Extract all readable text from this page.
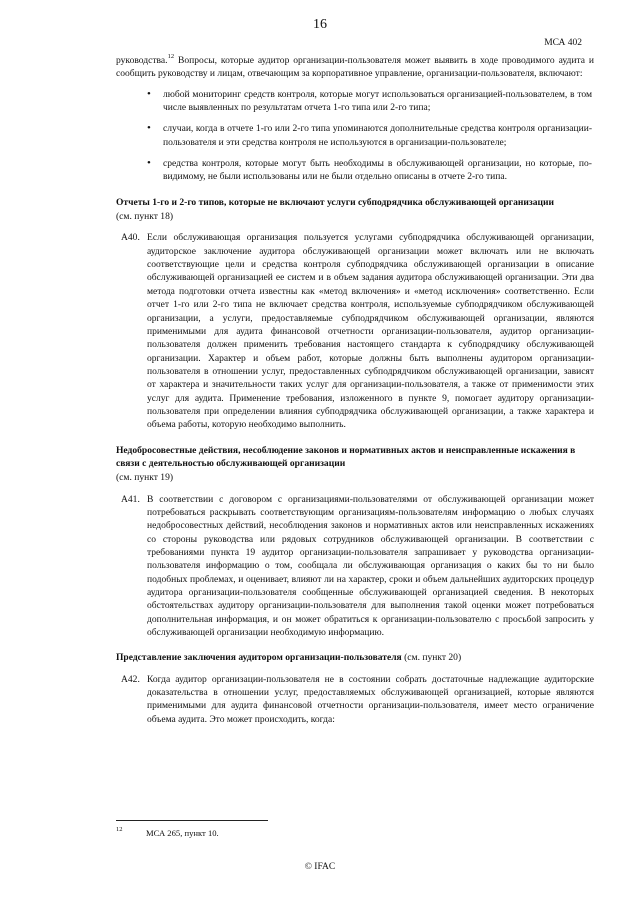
16
МСА 402

руководства.$^{12}$ Вопросы, которые аудитор организации-пользователя может выявить в ходе проводимого аудита и сообщить руководству и лицам, отвечающим за корпоративное управление, организации-пользователя, включают:

• любой мониторинг средств контроля, которые могут использоваться организацией-пользователем, в том числе выявленных по результатам отчета 1-го типа или 2-го типа;
• случаи, когда в отчете 1-го или 2-го типа упоминаются дополнительные средства контроля организации-пользователя и эти средства контроля не используются в организации-пользователе;
• средства контроля, которые могут быть необходимы в обслуживающей организации, но которые, по-видимому, не были использованы или не были отдельно описаны в отчете 2-го типа.

Отчеты 1-го и 2-го типов, которые не включают услуги субподрядчика обслуживающей организации

(см. пункт 18)

A40. Если обслуживающая организация пользуется услугами субподрядчика обслуживающей организации, аудиторское заключение аудитора обслуживающей организации может включать или не включать соответствующие цели и средства контроля субподрядчика обслуживающей организации в описание обслуживающей организацией ее систем и в объем задания аудитора обслуживающей организации. Эти два метода подготовки отчета известны как «метод включения» и «метод исключения» соответственно. Если отчет 1-го или 2-го типа не включает средства контроля, используемые субподрядчиком обслуживающей организации, а услуги, предоставляемые субподрядчиком обслуживающей организации, являются применимыми для аудита финансовой отчетности организации-пользователя, аудитор организации-пользователя должен применить требования настоящего стандарта к субподрядчику обслуживающей организации. Характер и объем работ, которые должны быть выполнены аудитором организации-пользователя в отношении услуг, предоставленных субподрядчиком обслуживающей организации, зависят от характера и значительности таких услуг для организации-пользователя, а также от применимости этих услуг для аудита. Применение требования, изложенного в пункте 9, помогает аудитору организации-пользователя при определении влияния субподрядчика обслуживающей организации, а также характера и объема работы, которую необходимо выполнить.

Недобросовестные действия, несоблюдение законов и нормативных актов и неисправленные искажения в связи с деятельностью обслуживающей организации

(см. пункт 19)

A41. В соответствии с договором с организациями-пользователями от обслуживающей организации может потребоваться раскрывать соответствующим организациям-пользователям информацию о любых случаях недобросовестных действий, несоблюдения законов и нормативных актов или неисправленных искажениях со стороны руководства или рядовых сотрудников обслуживающей организации. В соответствии с требованиями пункта 19 аудитор организации-пользователя запрашивает у руководства организации-пользователя информацию о том, сообщала ли обслуживающая организация о каких бы то ни было подобных проблемах, и оценивает, влияют ли на характер, сроки и объем дальнейших аудиторских процедур аудитора организации-пользователя сообщенные обслуживающей организацией сведения. В некоторых обстоятельствах аудитору организации-пользователя для выполнения такой оценки может потребоваться дополнительная информация, и он может обратиться к организации-пользователю с просьбой запросить у обслуживающей организации необходимую информацию.

Представление заключения аудитором организации-пользователя (см. пункт 20)

A42. Когда аудитор организации-пользователя не в состоянии собрать достаточные надлежащие аудиторские доказательства в отношении услуг, предоставляемых обслуживающей организацией, которые являются применимыми для аудита финансовой отчетности организации-пользователя, имеет место ограничение объема аудита. Это может происходить, когда:
12	МСА 265, пункт 10.
© IFAC
